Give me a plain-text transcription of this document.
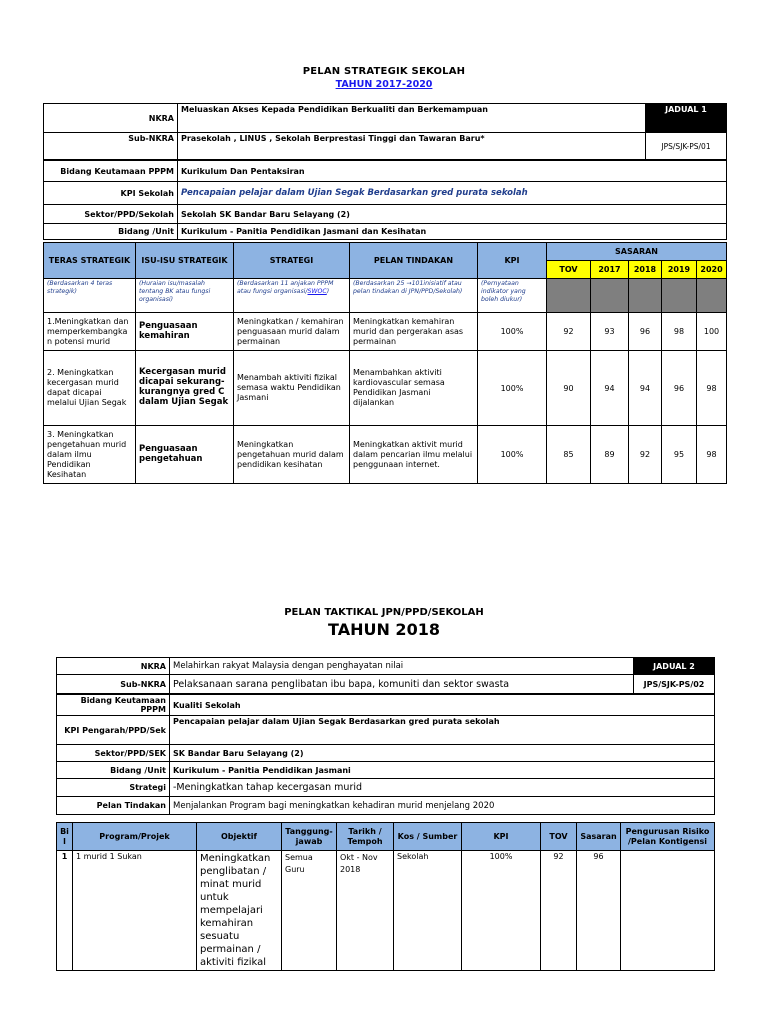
PELAN STRATEGIK SEKOLAH
TAHUN 2017-2020
NKRA	Meluaskan Akses Kepada Pendidikan Berkualiti dan Berkemampuan	JADUAL 1
Sub-NKRA	Prasekolah , LINUS , Sekolah Berprestasi Tinggi dan Tawaran Baru*	JPS/SJK-PS/01
Bidang Keutamaan PPPM	Kurikulum Dan Pentaksiran
KPI Sekolah	Pencapaian pelajar dalam Ujian Segak Berdasarkan gred purata sekolah
Sektor/PPD/Sekolah	Sekolah SK Bandar Baru Selayang (2)
Bidang /Unit	Kurikulum - Panitia Pendidikan Jasmani dan Kesihatan
TERAS STRATEGIK	ISU-ISU STRATEGIK	STRATEGI	PELAN TINDAKAN	KPI	SASARAN				
					TOV	2017	2018	2019	2020
(Berdasarkan 4 teras strategik)	(Huraian isu/masalah tentang BK atau fungsi organisasi)	(Berdasarkan 11 anjakan PPPM atau fungsi organisasi/SWOC)	(Berdasarkan 25 →101inisiatif atau pelan tindakan di JPN/PPD/Sekolah)	(Pernyataan indikator yang boleh diukur)					
1.Meningkatkan dan memperkembangkan potensi murid	Penguasaan kemahiran	Meningkatkan / kemahiran penguasaan murid dalam permainan	Meningkatkan kemahiran murid dan pergerakan asas permainan	100%	92	93	96	98	100
2. Meningkatkan kecergasan murid dapat dicapai melalui Ujian Segak	Kecergasan murid dicapai sekurang-kurangnya gred C dalam Ujian Segak	Menambah aktiviti fizikal semasa waktu Pendidikan Jasmani	Menambahkan aktiviti kardiovascular semasa Pendidikan Jasmani dijalankan	100%	90	94	94	96	98
3. Meningkatkan pengetahuan murid dalam ilmu Pendidikan Kesihatan	Penguasaan pengetahuan	Meningkatkan pengetahuan murid dalam pendidikan kesihatan	Meningkatkan aktivit murid dalam pencarian ilmu melalui penggunaan internet.	100%	85	89	92	95	98
PELAN TAKTIKAL JPN/PPD/SEKOLAH
TAHUN 2018
NKRA	Melahirkan rakyat Malaysia dengan penghayatan nilai	JADUAL 2
Sub-NKRA	Pelaksanaan sarana penglibatan ibu bapa, komuniti dan sektor swasta	JPS/SJK-PS/02
Bidang Keutamaan PPPM	Kualiti Sekolah
KPI Pengarah/PPD/Sek	Pencapaian pelajar dalam Ujian Segak Berdasarkan gred purata sekolah
Sektor/PPD/SEK	SK Bandar Baru Selayang (2)
Bidang /Unit	Kurikulum - Panitia Pendidikan Jasmani
Strategi	-Meningkatkan tahap kecergasan murid
Pelan Tindakan	Menjalankan Program bagi meningkatkan kehadiran murid menjelang 2020
Bil	Program/Projek	Objektif	Tanggung-jawab	Tarikh / Tempoh	Kos / Sumber	KPI	TOV	Sasaran	Pengurusan Risiko /Pelan Kontigensi
1	1 murid 1 Sukan	Meningkatkan penglibatan / minat murid untuk mempelajari kemahiran sesuatu permainan / aktiviti fizikal	Semua Guru	Okt - Nov 2018	Sekolah	100%	92	96	
